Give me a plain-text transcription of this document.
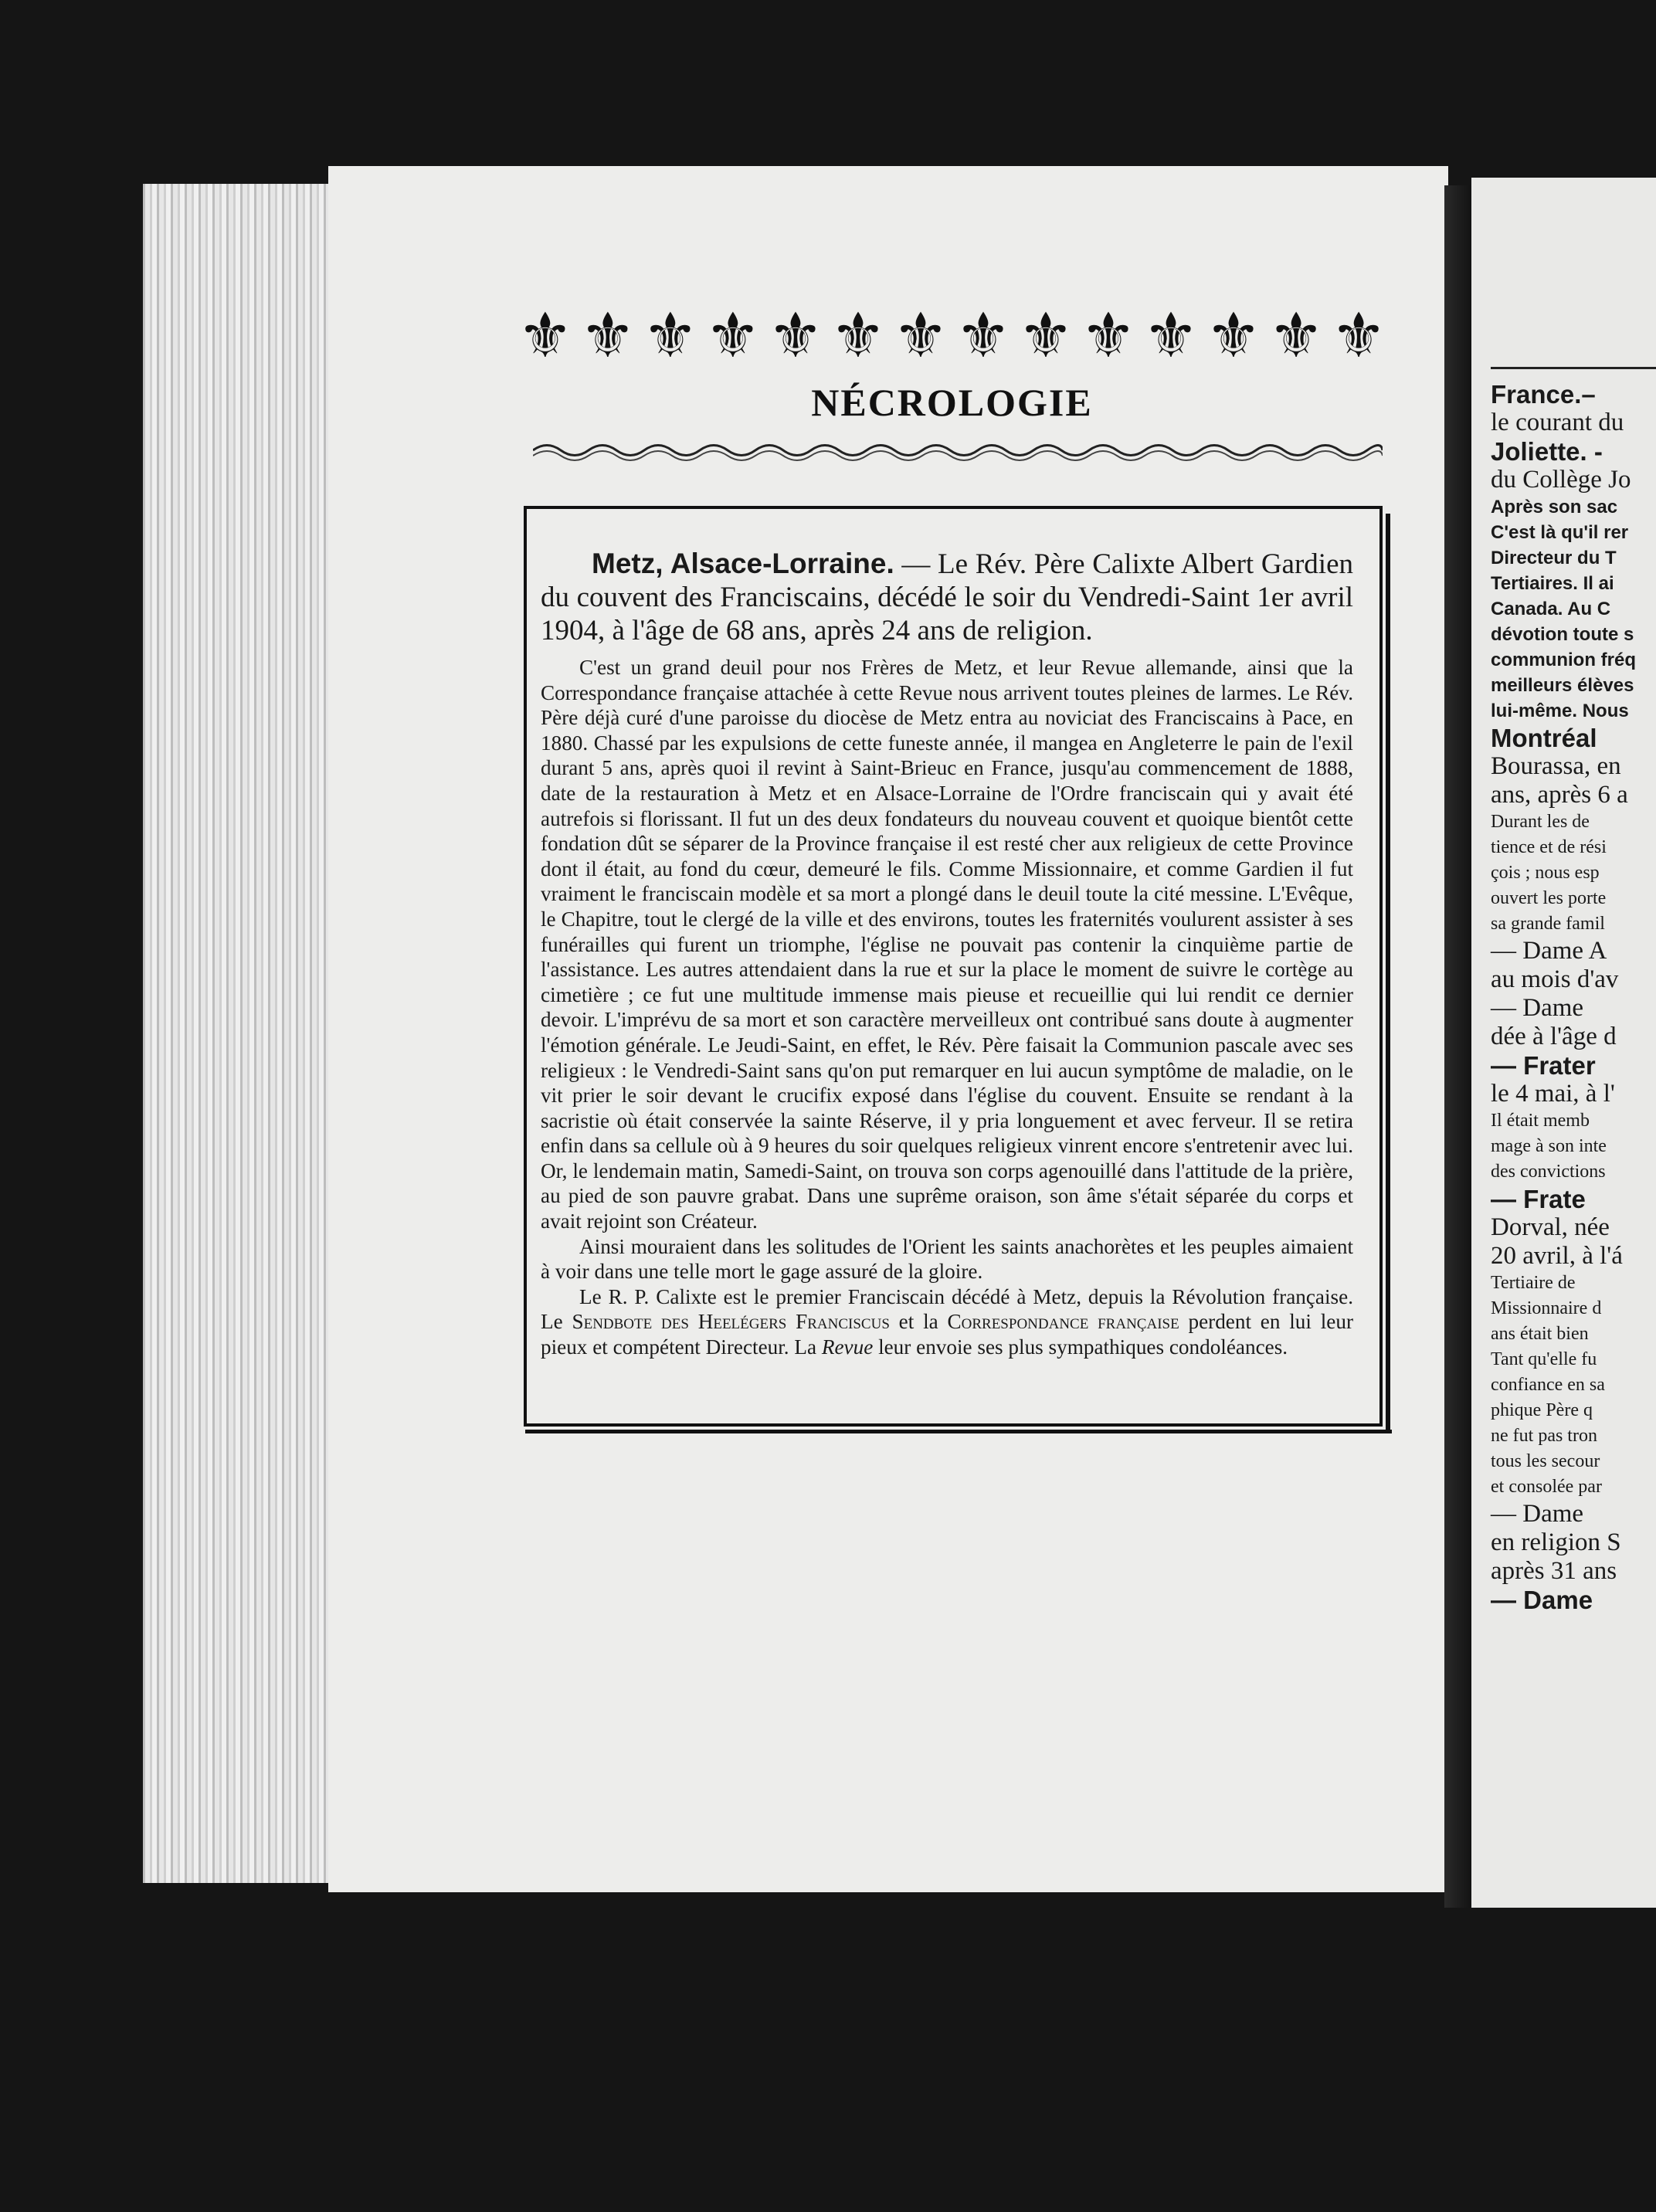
⚜ ⚜ ⚜ ⚜ ⚜ ⚜ ⚜ ⚜ ⚜ ⚜ ⚜ ⚜ ⚜ ⚜
NÉCROLOGIE

Metz, Alsace-Lorraine. — Le Rév. Père Calixte Albert Gardien du couvent des Franciscains, décédé le soir du Vendredi-Saint 1er avril 1904, à l'âge de 68 ans, après 24 ans de religion.

C'est un grand deuil pour nos Frères de Metz, et leur Revue allemande, ainsi que la Correspondance française attachée à cette Revue nous arrivent toutes pleines de larmes. Le Rév. Père déjà curé d'une paroisse du diocèse de Metz entra au noviciat des Franciscains à Pace, en 1880. Chassé par les expulsions de cette funeste année, il mangea en Angleterre le pain de l'exil durant 5 ans, après quoi il revint à Saint-Brieuc en France, jusqu'au commencement de 1888, date de la restauration à Metz et en Alsace-Lorraine de l'Ordre franciscain qui y avait été autrefois si florissant. Il fut un des deux fondateurs du nouveau couvent et quoique bientôt cette fondation dût se séparer de la Province française il est resté cher aux religieux de cette Province dont il était, au fond du cœur, demeuré le fils. Comme Missionnaire, et comme Gardien il fut vraiment le franciscain modèle et sa mort a plongé dans le deuil toute la cité messine. L'Evêque, le Chapitre, tout le clergé de la ville et des environs, toutes les fraternités voulurent assister à ses funérailles qui furent un triomphe, l'église ne pouvait pas contenir la cinquième partie de l'assistance. Les autres attendaient dans la rue et sur la place le moment de suivre le cortège au cimetière ; ce fut une multitude immense mais pieuse et recueillie qui lui rendit ce dernier devoir. L'imprévu de sa mort et son caractère merveilleux ont contribué sans doute à augmenter l'émotion générale. Le Jeudi-Saint, en effet, le Rév. Père faisait la Communion pascale avec ses religieux : le Vendredi-Saint sans qu'on put remarquer en lui aucun symptôme de maladie, on le vit prier le soir devant le crucifix exposé dans l'église du couvent. Ensuite se rendant à la sacristie où était conservée la sainte Réserve, il y pria longuement et avec ferveur. Il se retira enfin dans sa cellule où à 9 heures du soir quelques religieux vinrent encore s'entretenir avec lui. Or, le lendemain matin, Samedi-Saint, on trouva son corps agenouillé dans l'attitude de la prière, au pied de son pauvre grabat. Dans une suprême oraison, son âme s'était séparée du corps et avait rejoint son Créateur.

Ainsi mouraient dans les solitudes de l'Orient les saints anachorètes et les peuples aimaient à voir dans une telle mort le gage assuré de la gloire.

Le R. P. Calixte est le premier Franciscain décédé à Metz, depuis la Révolution française. Le Sendbote des Heelégers Franciscus et la Correspondance française perdent en lui leur pieux et compétent Directeur. La Revue leur envoie ses plus sympathiques condoléances.

France.–
le courant du
Joliette. -
du Collège Jo
Après son sac
C'est là qu'il rer
Directeur du T
Tertiaires. Il ai
Canada. Au C
dévotion toute s
communion fréq
meilleurs élèves
lui-même. Nous
Montréal
Bourassa, en
ans, après 6 a
Durant les de
tience et de rési
çois ; nous esp
ouvert les porte
sa grande famil
— Dame A
au mois d'av
— Dame
dée à l'âge d
— Frater
le 4 mai, à l'
Il était memb
mage à son inte
des convictions
— Frate
Dorval, née
20 avril, à l'á
Tertiaire de
Missionnaire d
ans était bien
Tant qu'elle fu
confiance en sa
phique Père q
ne fut pas tron
tous les secour
et consolée par
— Dame
en religion S
après 31 ans
— Dame
